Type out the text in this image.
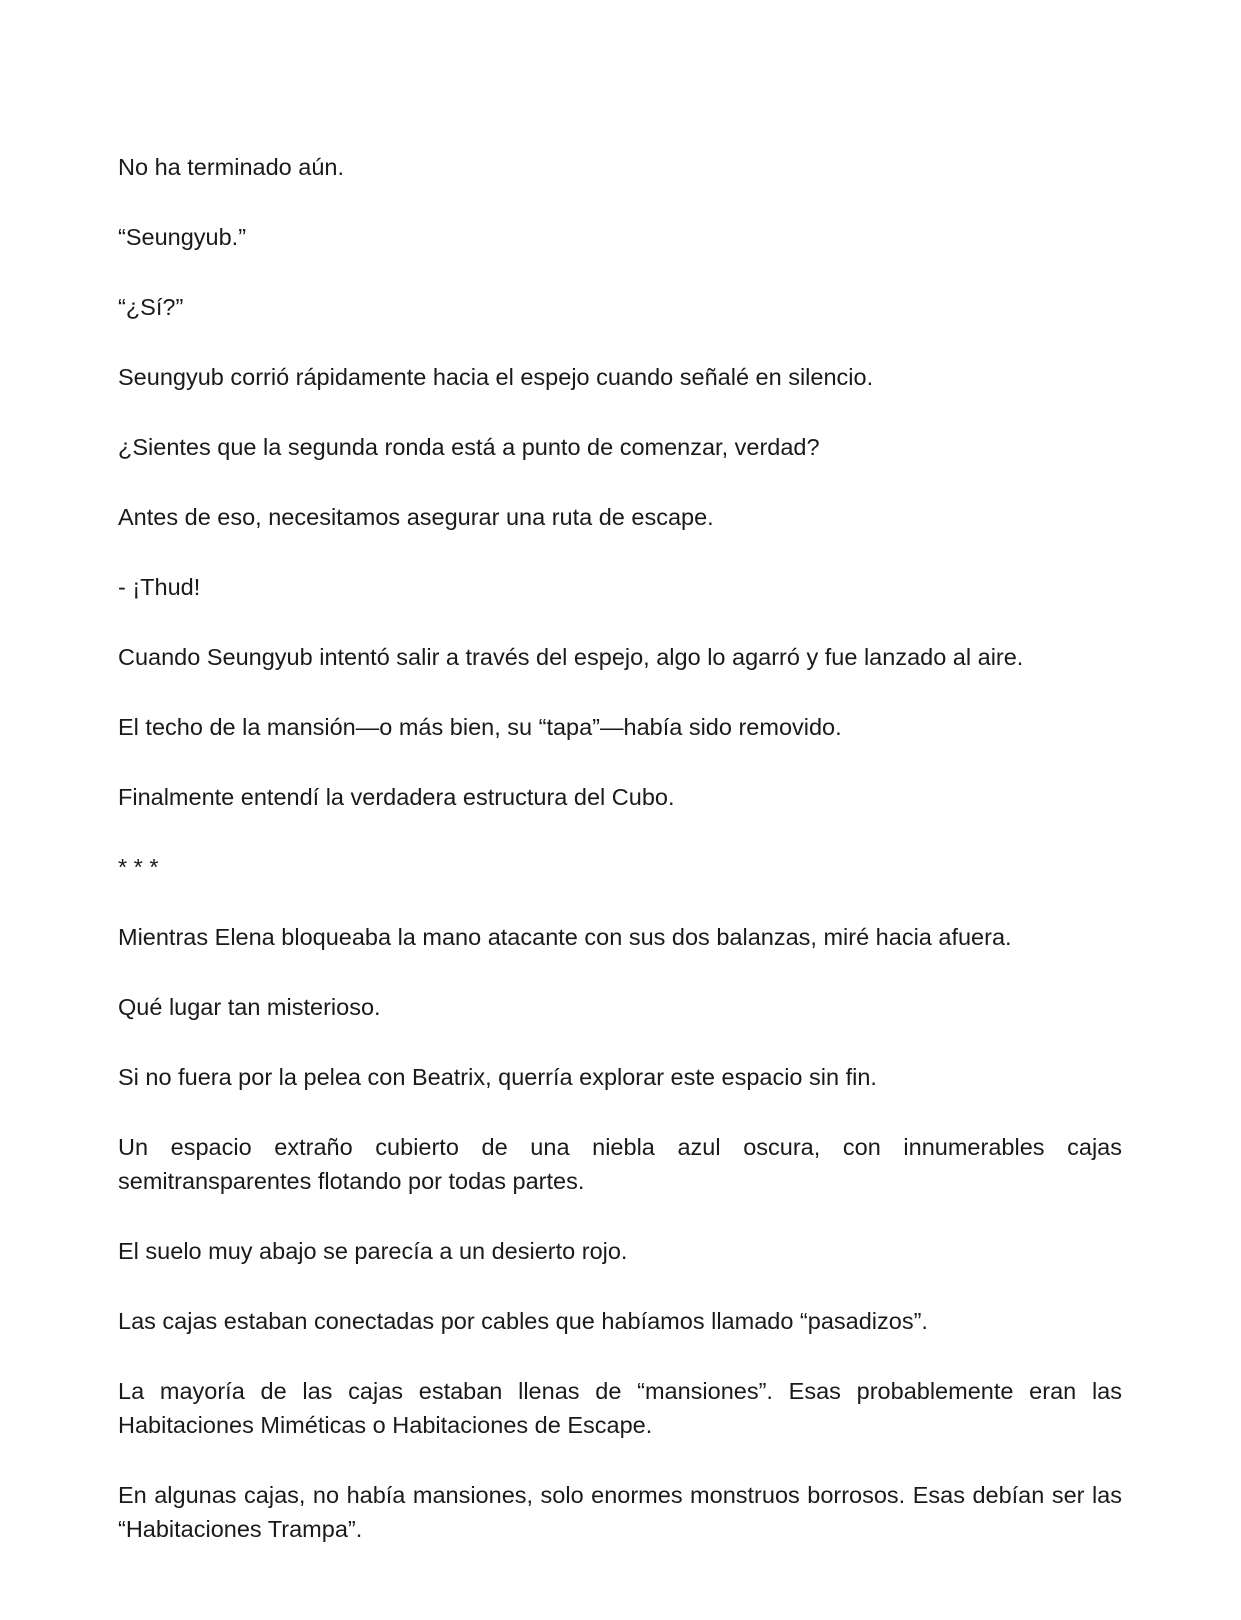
No ha terminado aún.

“Seungyub.”

“¿Sí?”

Seungyub corrió rápidamente hacia el espejo cuando señalé en silencio.

¿Sientes que la segunda ronda está a punto de comenzar, verdad?

Antes de eso, necesitamos asegurar una ruta de escape.

- ¡Thud!

Cuando Seungyub intentó salir a través del espejo, algo lo agarró y fue lanzado al aire.

El techo de la mansión—o más bien, su “tapa”—había sido removido.

Finalmente entendí la verdadera estructura del Cubo.

* * *

Mientras Elena bloqueaba la mano atacante con sus dos balanzas, miré hacia afuera.

Qué lugar tan misterioso.

Si no fuera por la pelea con Beatrix, querría explorar este espacio sin fin.

Un espacio extraño cubierto de una niebla azul oscura, con innumerables cajas semitransparentes flotando por todas partes.

El suelo muy abajo se parecía a un desierto rojo.

Las cajas estaban conectadas por cables que habíamos llamado “pasadizos”.

La mayoría de las cajas estaban llenas de “mansiones”. Esas probablemente eran las Habitaciones Miméticas o Habitaciones de Escape.

En algunas cajas, no había mansiones, solo enormes monstruos borrosos. Esas debían ser las “Habitaciones Trampa”.
